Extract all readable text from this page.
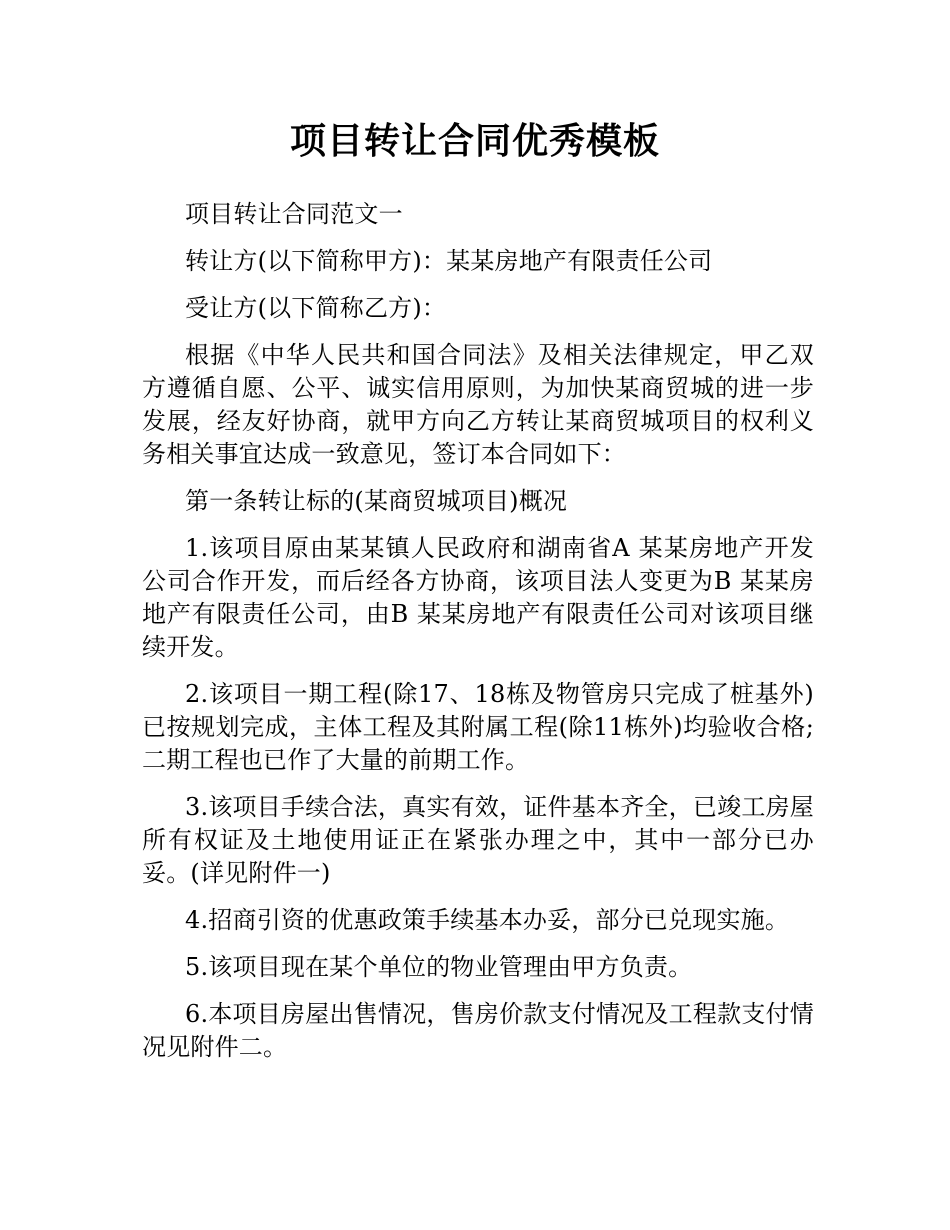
项目转让合同优秀模板

项目转让合同范文一

转让方(以下简称甲方)：某某房地产有限责任公司

受让方(以下简称乙方)：

根据《中华人民共和国合同法》及相关法律规定，甲乙双方遵循自愿、公平、诚实信用原则，为加快某商贸城的进一步发展，经友好协商，就甲方向乙方转让某商贸城项目的权利义务相关事宜达成一致意见，签订本合同如下：

第一条转让标的(某商贸城项目)概况

1.该项目原由某某镇人民政府和湖南省A 某某房地产开发公司合作开发，而后经各方协商，该项目法人变更为B 某某房地产有限责任公司，由B 某某房地产有限责任公司对该项目继续开发。

2.该项目一期工程(除17、18栋及物管房只完成了桩基外)已按规划完成，主体工程及其附属工程(除11栋外)均验收合格;二期工程也已作了大量的前期工作。

3.该项目手续合法，真实有效，证件基本齐全，已竣工房屋所有权证及土地使用证正在紧张办理之中，其中一部分已办妥。(详见附件一)

4.招商引资的优惠政策手续基本办妥，部分已兑现实施。

5.该项目现在某个单位的物业管理由甲方负责。

6.本项目房屋出售情况，售房价款支付情况及工程款支付情况见附件二。
